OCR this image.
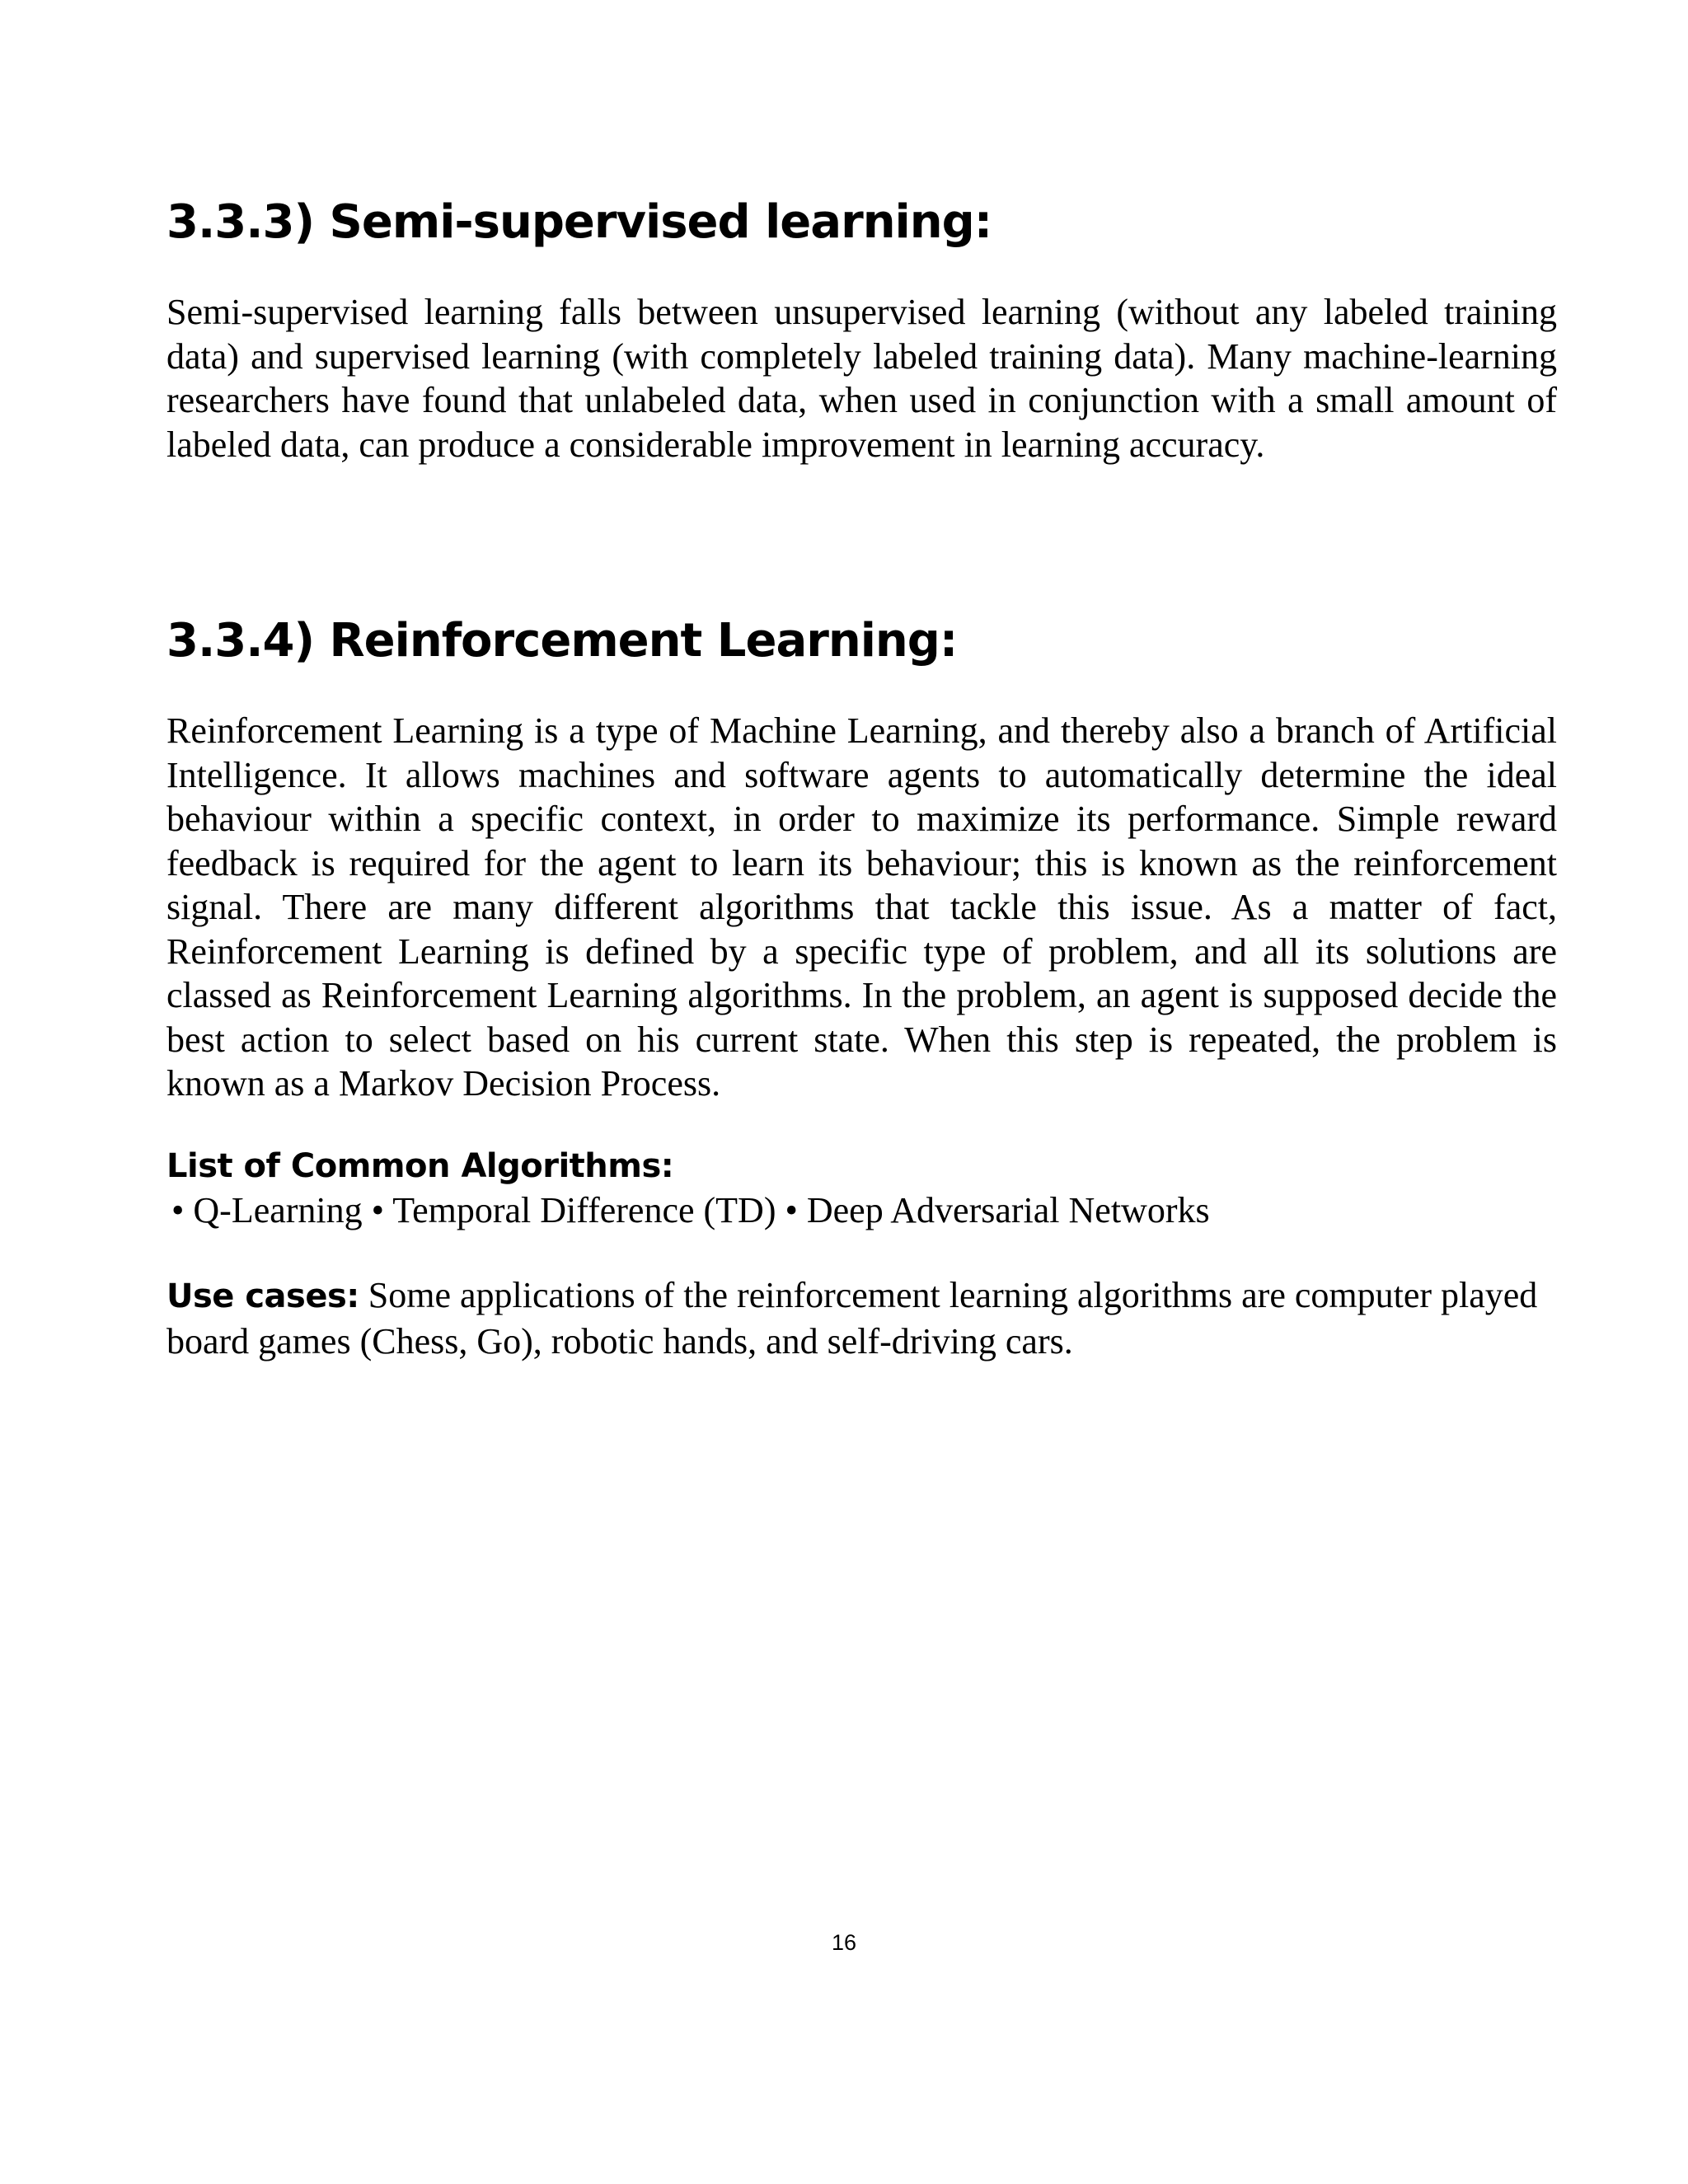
3.3.3) Semi-supervised learning:

Semi-supervised learning falls between unsupervised learning (without any labeled training data) and supervised learning (with completely labeled training data). Many machine-learning researchers have found that unlabeled data, when used in conjunction with a small amount of labeled data, can produce a considerable improvement in learning accuracy.

3.3.4) Reinforcement Learning:

Reinforcement Learning is a type of Machine Learning, and thereby also a branch of Artificial Intelligence. It allows machines and software agents to automatically determine the ideal behaviour within a specific context, in order to maximize its performance. Simple reward feedback is required for the agent to learn its behaviour; this is known as the reinforcement signal. There are many different algorithms that tackle this issue. As a matter of fact, Reinforcement Learning is defined by a specific type of problem, and all its solutions are classed as Reinforcement Learning algorithms. In the problem, an agent is supposed decide the best action to select based on his current state. When this step is repeated, the problem is known as a Markov Decision Process.

List of Common Algorithms:
• Q-Learning • Temporal Difference (TD) • Deep Adversarial Networks

Use cases: Some applications of the reinforcement learning algorithms are computer played board games (Chess, Go), robotic hands, and self-driving cars.

16
